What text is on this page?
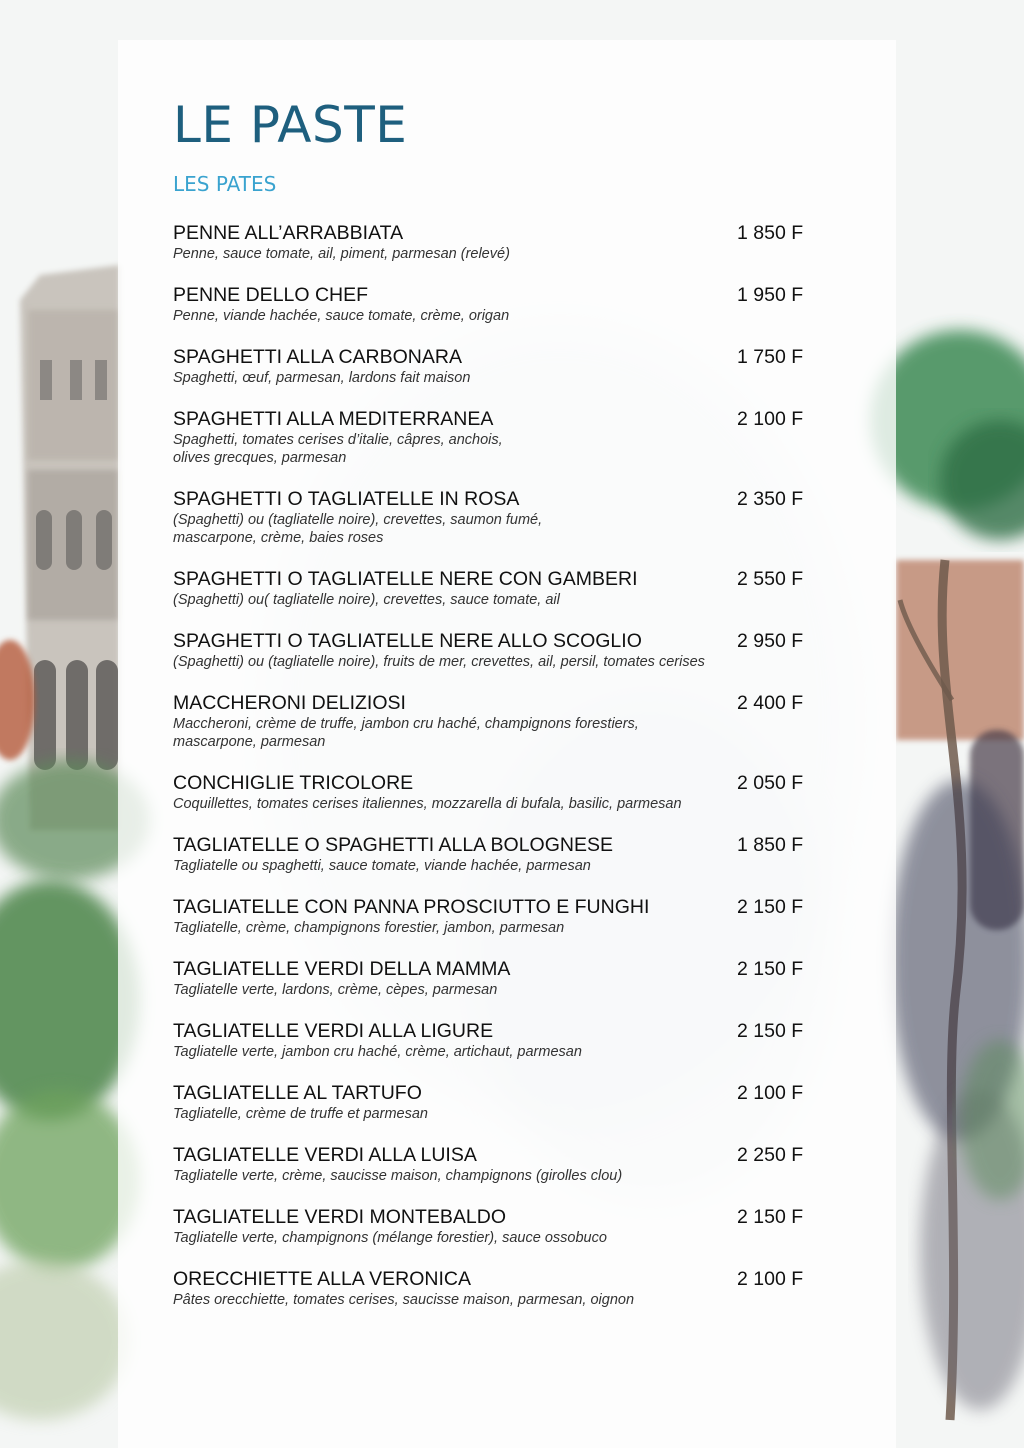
LE PASTE
LES PATES
PENNE ALL’ARRABBIATA	1 850 F
Penne, sauce tomate, ail, piment, parmesan (relevé)
PENNE DELLO CHEF	1 950 F
Penne, viande hachée, sauce tomate, crème, origan
SPAGHETTI ALLA CARBONARA	1 750 F
Spaghetti, œuf, parmesan, lardons fait maison
SPAGHETTI ALLA MEDITERRANEA	2 100 F
Spaghetti, tomates cerises d’italie, câpres, anchois,
olives grecques, parmesan
SPAGHETTI O TAGLIATELLE IN ROSA	2 350 F
(Spaghetti) ou (tagliatelle noire), crevettes, saumon fumé,
mascarpone, crème, baies roses
SPAGHETTI O TAGLIATELLE NERE CON GAMBERI	2 550 F
(Spaghetti) ou( tagliatelle noire), crevettes, sauce tomate, ail
SPAGHETTI O TAGLIATELLE NERE ALLO SCOGLIO	2 950 F
(Spaghetti) ou (tagliatelle noire), fruits de mer, crevettes, ail, persil, tomates cerises
MACCHERONI DELIZIOSI	2 400 F
Maccheroni, crème de truffe, jambon cru haché, champignons forestiers,
mascarpone, parmesan
CONCHIGLIE TRICOLORE	2 050 F
Coquillettes, tomates cerises italiennes, mozzarella di bufala, basilic, parmesan
TAGLIATELLE O SPAGHETTI ALLA BOLOGNESE	1 850 F
Tagliatelle ou spaghetti, sauce tomate, viande hachée, parmesan
TAGLIATELLE CON PANNA PROSCIUTTO E FUNGHI	2 150 F
Tagliatelle, crème, champignons forestier, jambon, parmesan
TAGLIATELLE VERDI DELLA MAMMA	2 150 F
Tagliatelle verte, lardons, crème, cèpes, parmesan
TAGLIATELLE VERDI ALLA LIGURE	2 150 F
Tagliatelle verte, jambon cru haché, crème, artichaut, parmesan
TAGLIATELLE AL TARTUFO	2 100 F
Tagliatelle, crème de truffe et parmesan
TAGLIATELLE VERDI ALLA LUISA	2 250 F
Tagliatelle verte, crème, saucisse maison, champignons (girolles clou)
TAGLIATELLE VERDI MONTEBALDO	2 150 F
Tagliatelle verte, champignons (mélange forestier), sauce ossobuco
ORECCHIETTE ALLA VERONICA	2 100 F
Pâtes orecchiette, tomates cerises, saucisse maison, parmesan, oignon
